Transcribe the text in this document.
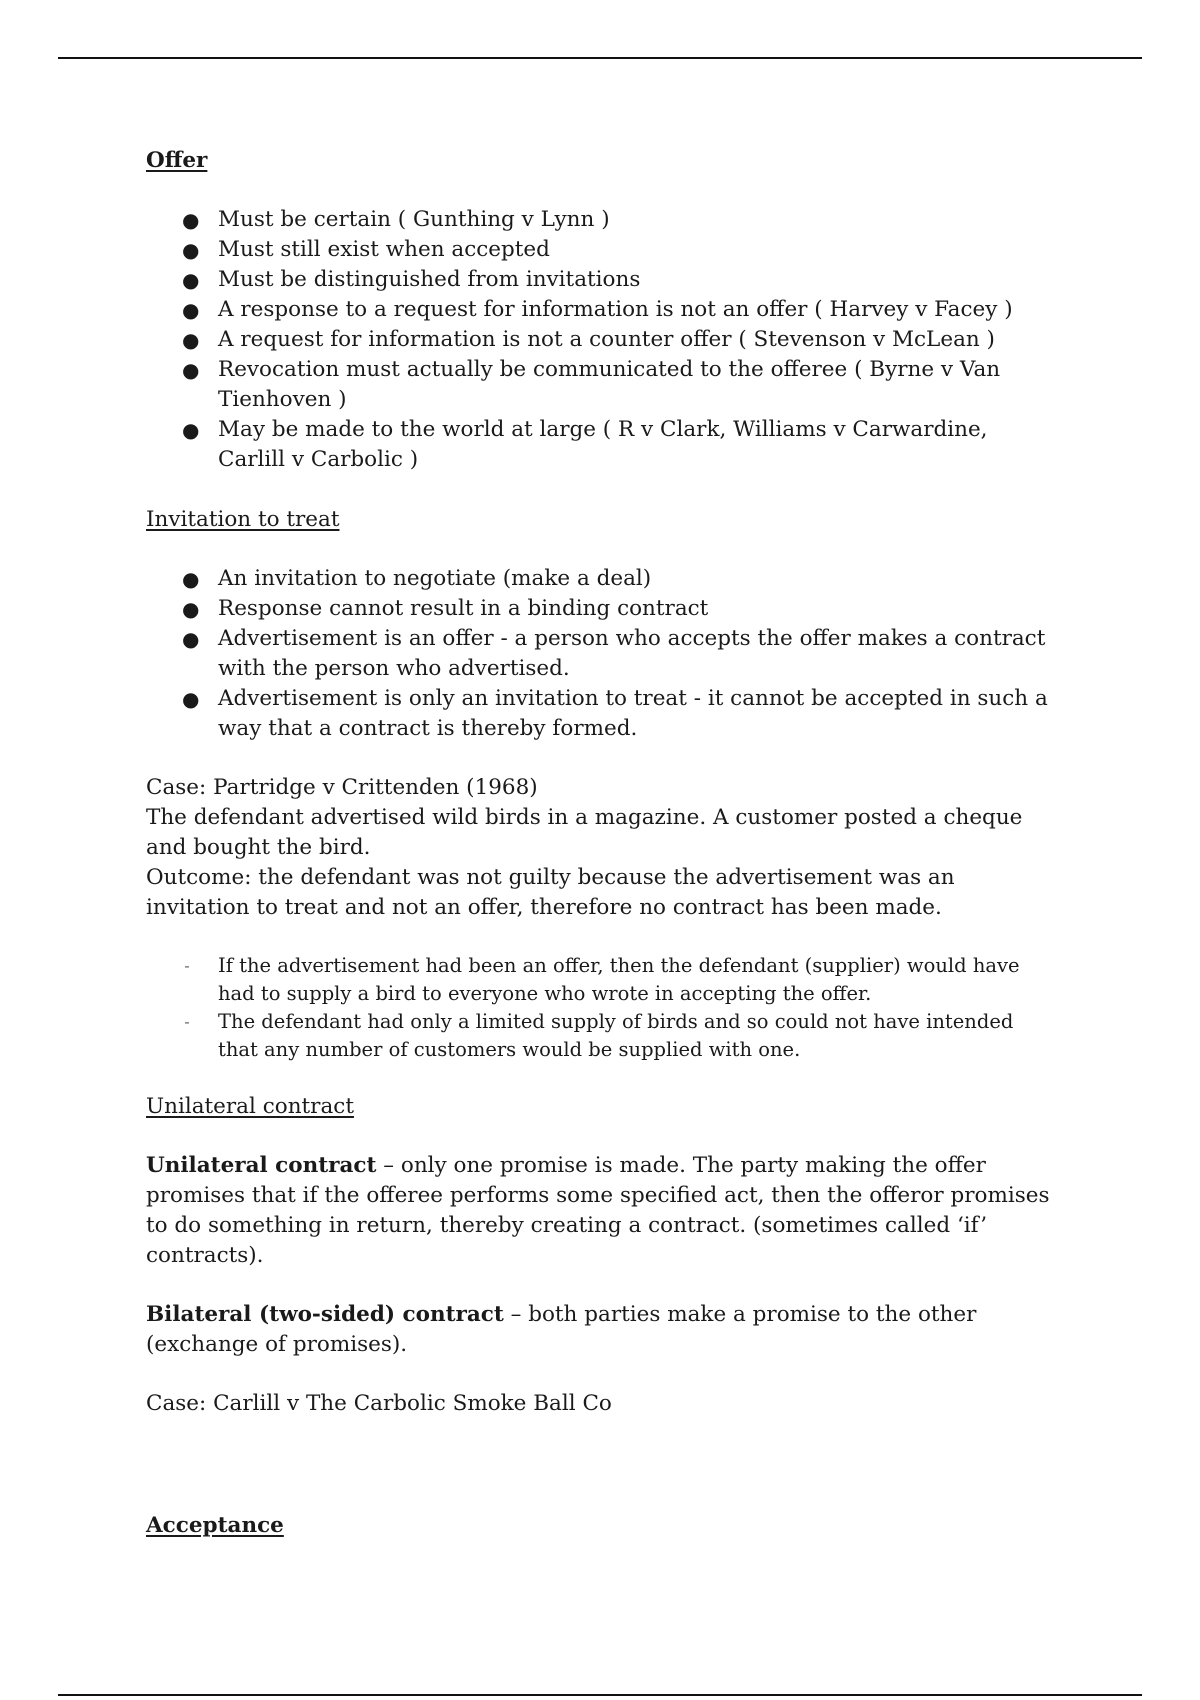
Offer
● Must be certain ( Gunthing v Lynn )
● Must still exist when accepted
● Must be distinguished from invitations
● A response to a request for information is not an offer ( Harvey v Facey )
● A request for information is not a counter offer ( Stevenson v McLean )
● Revocation must actually be communicated to the offeree ( Byrne v Van Tienhoven )
● May be made to the world at large ( R v Clark, Williams v Carwardine, Carlill v Carbolic )
Invitation to treat
● An invitation to negotiate (make a deal)
● Response cannot result in a binding contract
● Advertisement is an offer - a person who accepts the offer makes a contract with the person who advertised.
● Advertisement is only an invitation to treat - it cannot be accepted in such a way that a contract is thereby formed.

Case: Partridge v Crittenden (1968)

The defendant advertised wild birds in a magazine. A customer posted a cheque and bought the bird.

Outcome: the defendant was not guilty because the advertisement was an invitation to treat and not an offer, therefore no contract has been made.

- If the advertisement had been an offer, then the defendant (supplier) would have had to supply a bird to everyone who wrote in accepting the offer.
- The defendant had only a limited supply of birds and so could not have intended that any number of customers would be supplied with one.
Unilateral contract

Unilateral contract – only one promise is made. The party making the offer promises that if the offeree performs some specified act, then the offeror promises to do something in return, thereby creating a contract. (sometimes called ‘if’ contracts).

Bilateral (two-sided) contract – both parties make a promise to the other (exchange of promises).

Case: Carlill v The Carbolic Smoke Ball Co

Acceptance
